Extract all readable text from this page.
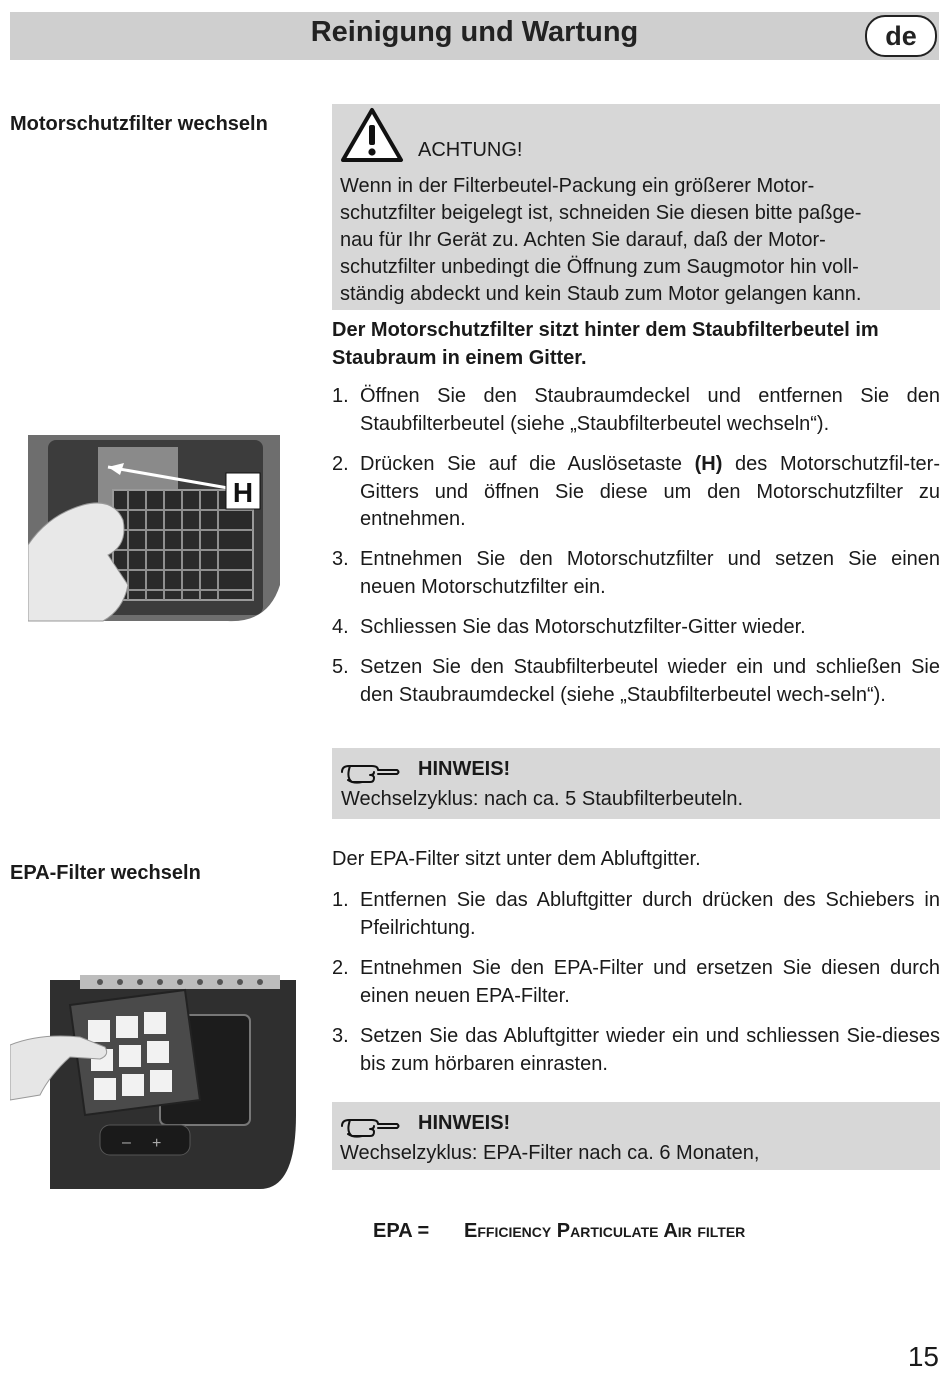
Reinigung und Wartung	de
Motorschutzfilter wechseln
ACHTUNG!
Wenn in der Filterbeutel-Packung ein größerer Motor-
schutzfilter beigelegt ist, schneiden Sie diesen bitte paßge-
nau für Ihr Gerät zu. Achten Sie darauf, daß der Motor-
schutzfilter unbedingt die Öffnung zum Saugmotor hin voll-
ständig abdeckt und kein Staub zum Motor gelangen kann.
Der Motorschutzfilter sitzt hinter dem Staubfilterbeutel im
Staubraum in einem Gitter.
H
1. Öffnen Sie den Staubraumdeckel und entfernen Sie den Staubfilterbeutel (siehe „Staubfilterbeutel wechseln“).
2. Drücken Sie auf die Auslösetaste (H) des Motorschutzfil-ter-Gitters und öffnen Sie diese um den Motorschutzfilter zu entnehmen.
3. Entnehmen Sie den Motorschutzfilter und setzen Sie einen neuen Motorschutzfilter ein.
4. Schliessen Sie das Motorschutzfilter-Gitter wieder.
5. Setzen Sie den Staubfilterbeutel wieder ein und schließen Sie den Staubraumdeckel (siehe „Staubfilterbeutel wech-seln“).
HINWEIS!
Wechselzyklus: nach ca. 5 Staubfilterbeuteln.
EPA-Filter wechseln
Der EPA-Filter sitzt unter dem Abluftgitter.
– +
1. Entfernen Sie das Abluftgitter durch drücken des Schiebers in Pfeilrichtung.
2. Entnehmen Sie den EPA-Filter und ersetzen Sie diesen durch einen neuen EPA-Filter.
3. Setzen Sie das Abluftgitter wieder ein und schliessen Sie-dieses bis zum hörbaren einrasten.
HINWEIS!
Wechselzyklus: EPA-Filter nach ca. 6 Monaten,
EPA = Efficiency Particulate Air filter
15
